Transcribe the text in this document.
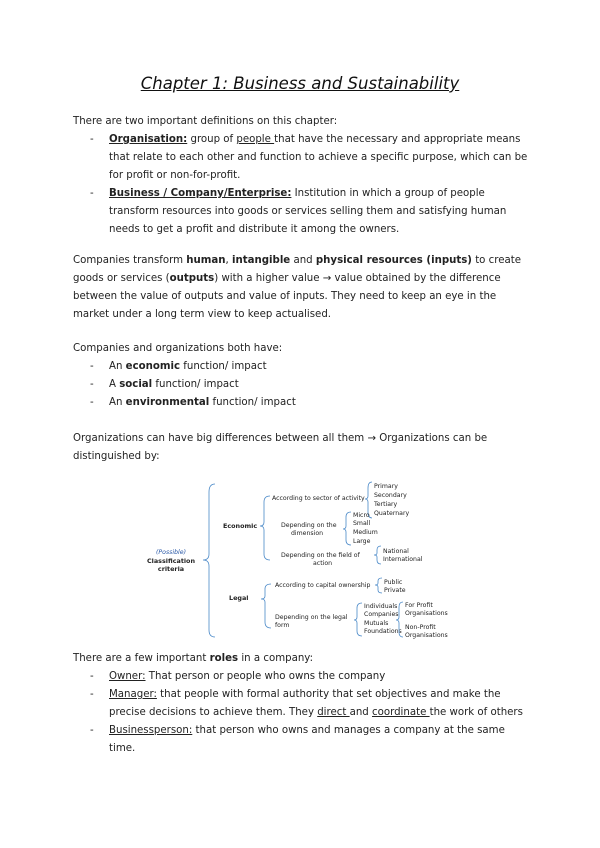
Chapter 1: Business and Sustainability
There are two important definitions on this chapter:
- Organisation: group of people that have the necessary and appropriate means that relate to each other and function to achieve a specific purpose, which can be for profit or non-for-profit.
- Business / Company/Enterprise: Institution in which a group of people transform resources into goods or services selling them and satisfying human needs to get a profit and distribute it among the owners.
Companies transform human, intangible and physical resources (inputs) to create goods or services (outputs) with a higher value → value obtained by the difference between the value of outputs and value of inputs. They need to keep an eye in the market under a long term view to keep actualised.
Companies and organizations both have:
- An economic function/ impact
- A social function/ impact
- An environmental function/ impact
Organizations can have big differences between all them → Organizations can be distinguished by:
(Possible)
Classification
criteria
Economic
According to sector of activity
Primary
Secondary
Tertiary
Quaternary
Depending on the
dimension
Micro
Small
Medium
Large
Depending on the field of
action
National
International
Legal
According to capital ownership Public
Private
Depending on the legal
form
Individuals
Companies
Mutuals
Foundations
For Profit
Organisations
Non-Profit
Organisations
There are a few important roles in a company:
- Owner: That person or people who owns the company
- Manager: that people with formal authority that set objectives and make the precise decisions to achieve them. They direct and coordinate the work of others
- Businessperson: that person who owns and manages a company at the same time.
